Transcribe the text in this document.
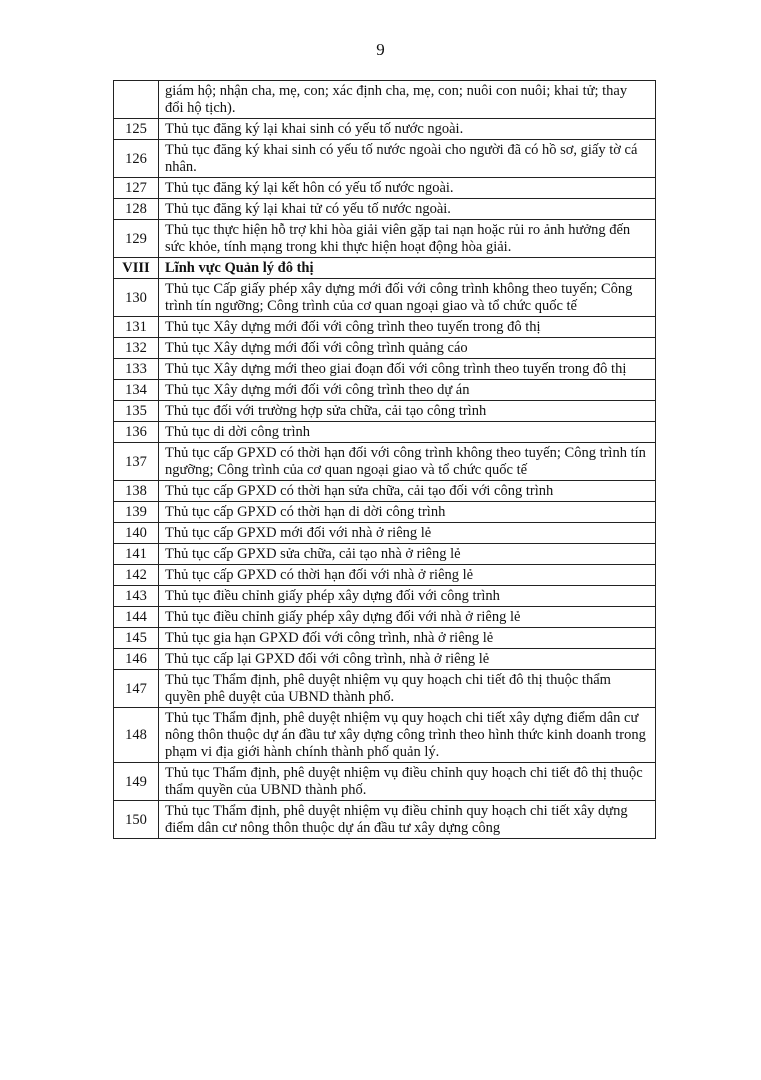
9
	giám hộ; nhận cha, mẹ, con; xác định cha, mẹ, con; nuôi con nuôi; khai tử; thay đổi hộ tịch).
125	Thủ tục đăng ký lại khai sinh có yếu tố nước ngoài.
126	Thủ tục đăng ký khai sinh có yếu tố nước ngoài cho người đã có hồ sơ, giấy tờ cá nhân.
127	Thủ tục đăng ký lại kết hôn có yếu tố nước ngoài.
128	Thủ tục đăng ký lại khai tử có yếu tố nước ngoài.
129	Thủ tục thực hiện hỗ trợ khi hòa giải viên gặp tai nạn hoặc rủi ro ảnh hưởng đến sức khỏe, tính mạng trong khi thực hiện hoạt động hòa giải.
VIII	Lĩnh vực Quản lý đô thị
130	Thủ tục Cấp giấy phép xây dựng mới đối với công trình không theo tuyến; Công trình tín ngưỡng; Công trình của cơ quan ngoại giao và tổ chức quốc tế
131	Thủ tục Xây dựng mới đối với công trình theo tuyến trong đô thị
132	Thủ tục Xây dựng mới đối với công trình quảng cáo
133	Thủ tục Xây dựng mới theo giai đoạn đối với công trình theo tuyến trong đô thị
134	Thủ tục Xây dựng mới đối với công trình theo dự án
135	Thủ tục đối với trường hợp sửa chữa, cải tạo công trình
136	Thủ tục di dời công trình
137	Thủ tục cấp GPXD có thời hạn đối với công trình không theo tuyến; Công trình tín ngưỡng; Công trình của cơ quan ngoại giao và tổ chức quốc tế
138	Thủ tục cấp GPXD có thời hạn sửa chữa, cải tạo đối với công trình
139	Thủ tục cấp GPXD có thời hạn di dời công trình
140	Thủ tục cấp GPXD mới đối với nhà ở riêng lẻ
141	Thủ tục cấp GPXD sửa chữa, cải tạo nhà ở riêng lẻ
142	Thủ tục cấp GPXD có thời hạn đối với nhà ở riêng lẻ
143	Thủ tục điều chỉnh giấy phép xây dựng đối với công trình
144	Thủ tục điều chỉnh giấy phép xây dựng đối với nhà ở riêng lẻ
145	Thủ tục gia hạn GPXD đối với công trình, nhà ở riêng lẻ
146	Thủ tục cấp lại GPXD đối với công trình, nhà ở riêng lẻ
147	Thủ tục Thẩm định, phê duyệt nhiệm vụ quy hoạch chi tiết đô thị thuộc thẩm quyền phê duyệt của UBND thành phố.
148	Thủ tục Thẩm định, phê duyệt nhiệm vụ quy hoạch chi tiết xây dựng điểm dân cư nông thôn thuộc dự án đầu tư xây dựng công trình theo hình thức kinh doanh trong phạm vi địa giới hành chính thành phố quản lý.
149	Thủ tục Thẩm định, phê duyệt nhiệm vụ điều chỉnh quy hoạch chi tiết đô thị thuộc thẩm quyền của UBND thành phố.
150	Thủ tục Thẩm định, phê duyệt nhiệm vụ điều chỉnh quy hoạch chi tiết xây dựng điểm dân cư nông thôn thuộc dự án đầu tư xây dựng công
